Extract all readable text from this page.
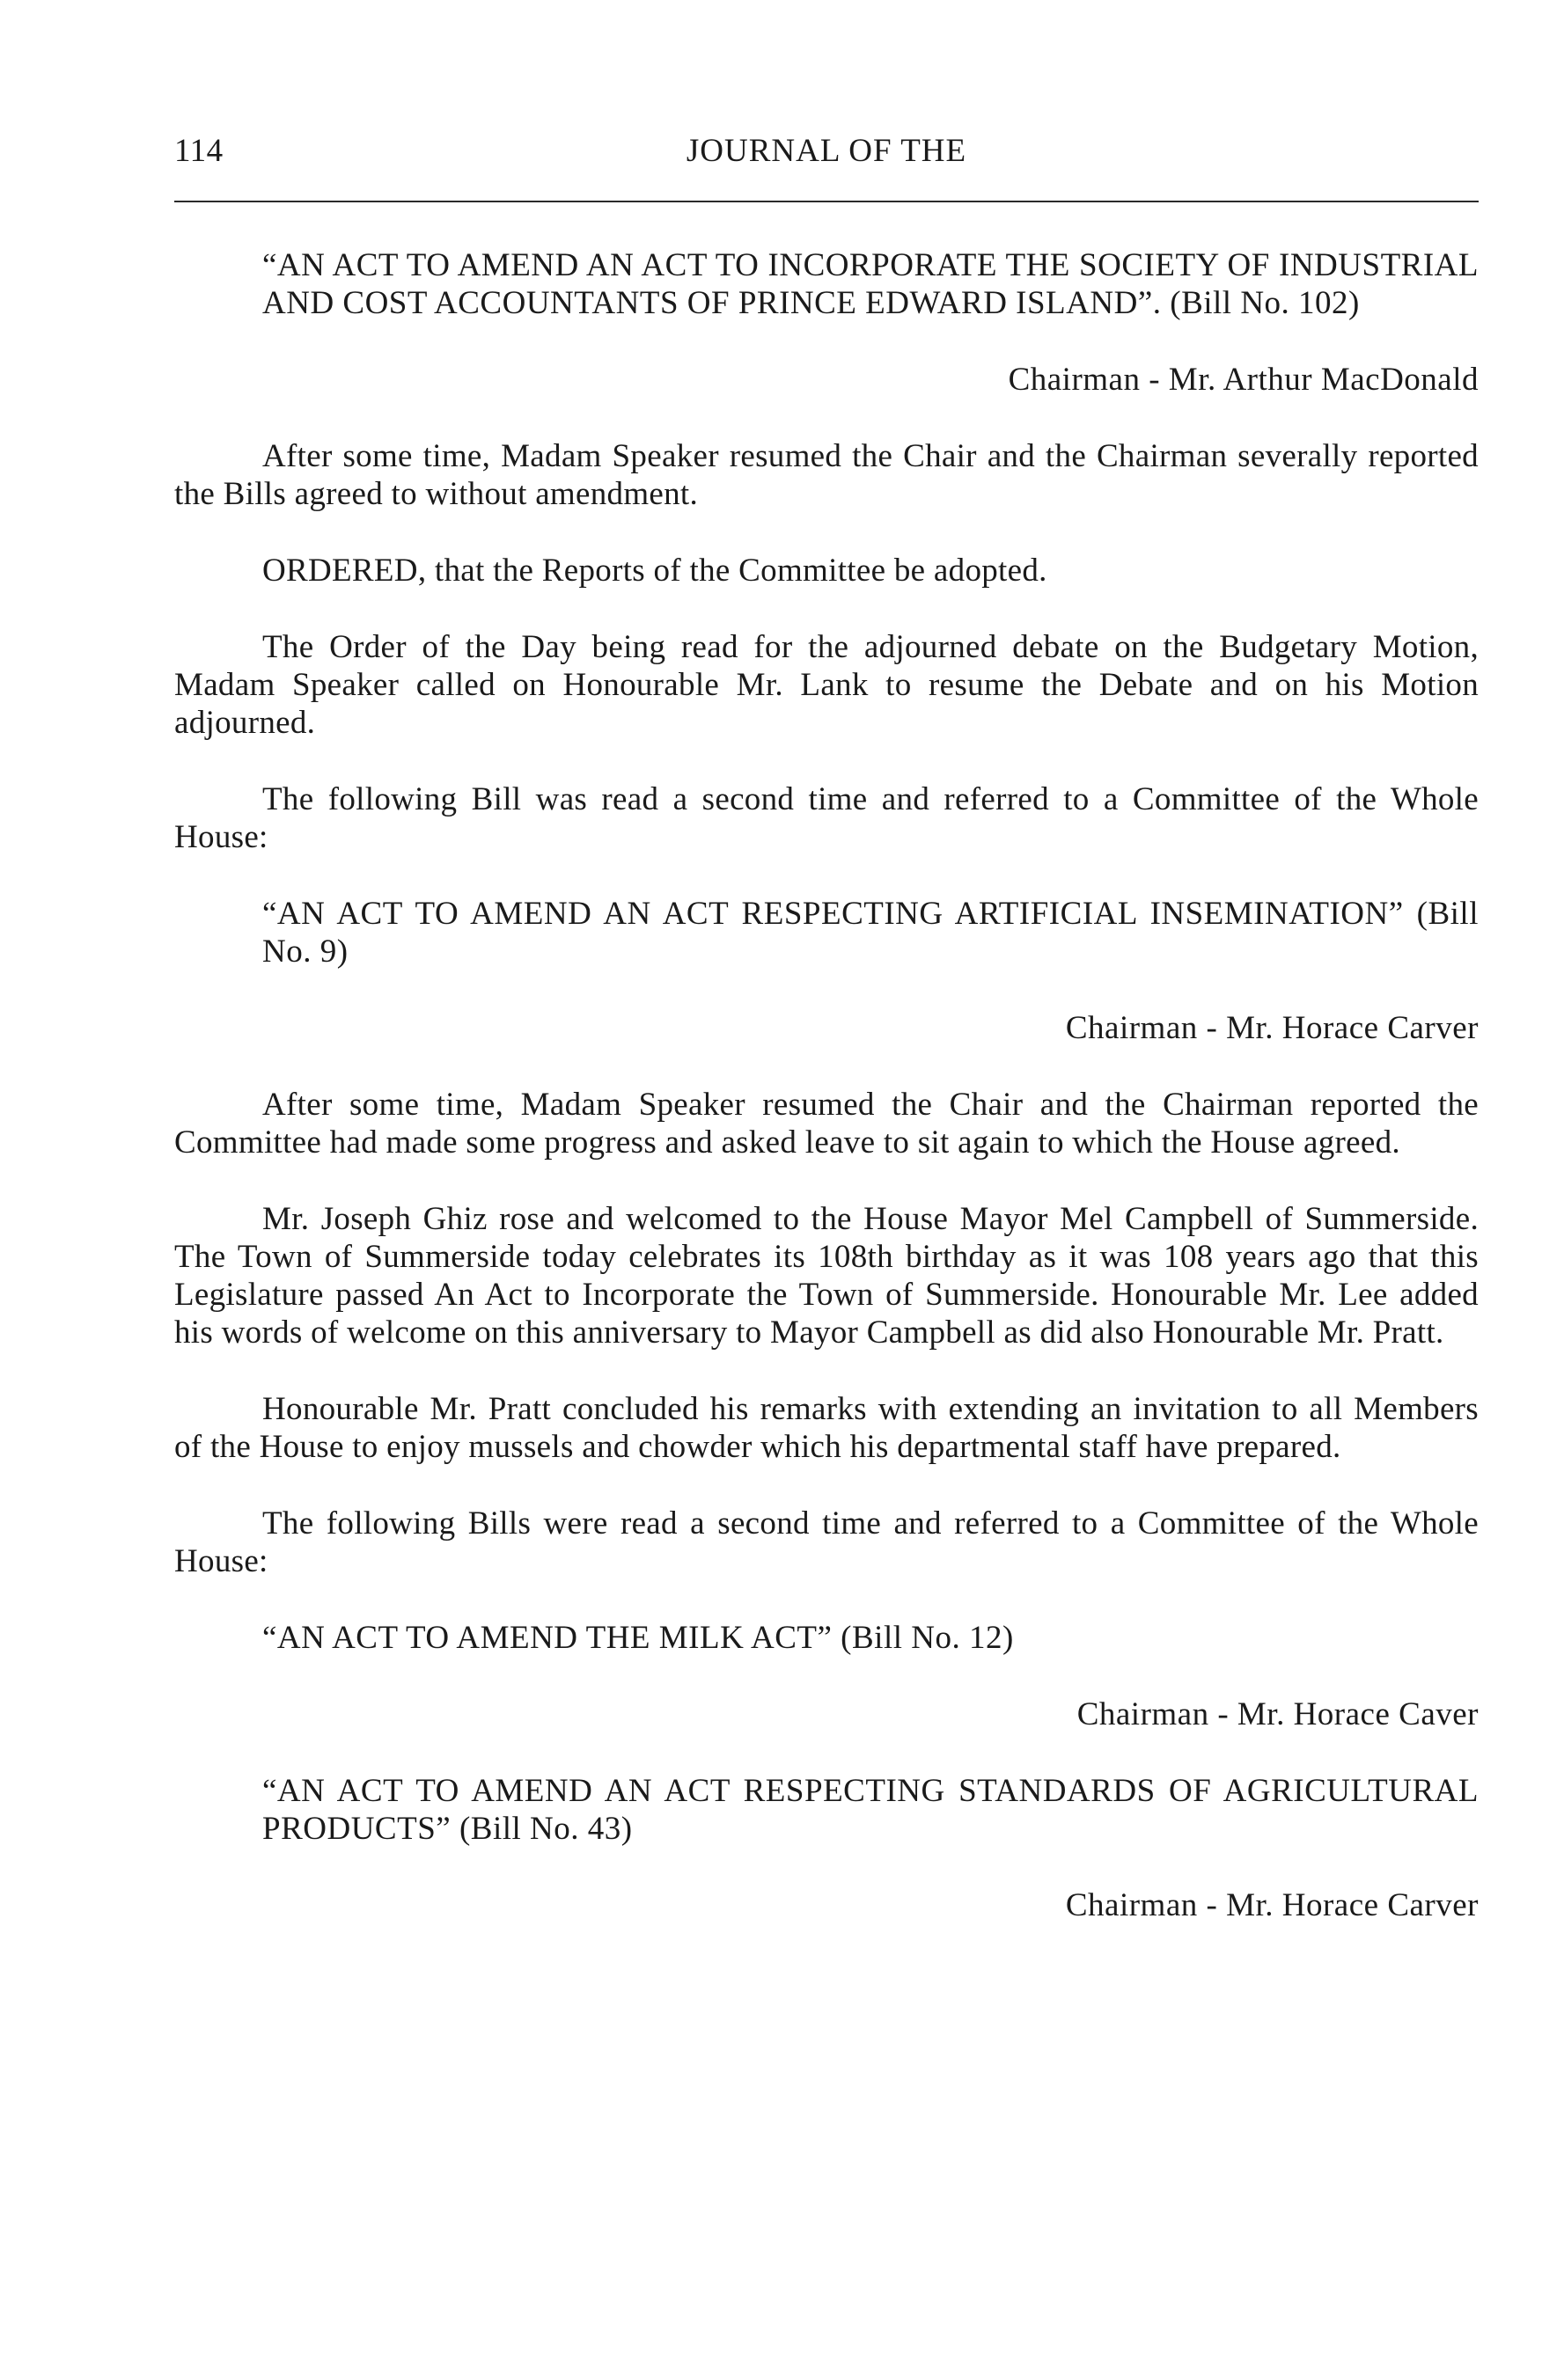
114	JOURNAL OF THE

“AN ACT TO AMEND AN ACT TO INCORPORATE THE SOCIETY OF INDUSTRIAL AND COST ACCOUNTANTS OF PRINCE EDWARD ISLAND”. (Bill No. 102)

Chairman - Mr. Arthur MacDonald

After some time, Madam Speaker resumed the Chair and the Chairman severally reported the Bills agreed to without amendment.

ORDERED, that the Reports of the Committee be adopted.

The Order of the Day being read for the adjourned debate on the Budgetary Motion, Madam Speaker called on Honourable Mr. Lank to resume the Debate and on his Motion adjourned.

The following Bill was read a second time and referred to a Committee of the Whole House:

“AN ACT TO AMEND AN ACT RESPECTING ARTIFICIAL INSEMINATION” (Bill No. 9)

Chairman - Mr. Horace Carver

After some time, Madam Speaker resumed the Chair and the Chairman reported the Committee had made some progress and asked leave to sit again to which the House agreed.

Mr. Joseph Ghiz rose and welcomed to the House Mayor Mel Campbell of Summerside. The Town of Summerside today celebrates its 108th birthday as it was 108 years ago that this Legislature passed An Act to Incorporate the Town of Summerside. Honourable Mr. Lee added his words of welcome on this anniversary to Mayor Campbell as did also Honourable Mr. Pratt.

Honourable Mr. Pratt concluded his remarks with extending an invitation to all Members of the House to enjoy mussels and chowder which his departmental staff have prepared.

The following Bills were read a second time and referred to a Committee of the Whole House:

“AN ACT TO AMEND THE MILK ACT” (Bill No. 12)

Chairman - Mr. Horace Caver

“AN ACT TO AMEND AN ACT RESPECTING STANDARDS OF AGRICULTURAL PRODUCTS” (Bill No. 43)

Chairman - Mr. Horace Carver
